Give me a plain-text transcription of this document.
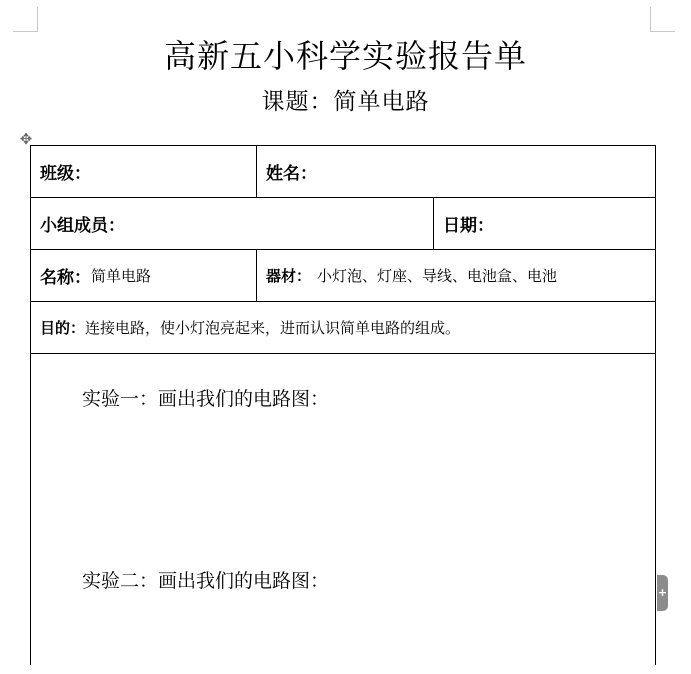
高新五小科学实验报告单
课题：简单电路
✥
班级：	姓名：
小组成员：	日期：
名称： 简单电路	器材： 小灯泡、灯座、导线、电池盒、电池
目的： 连接电路，使小灯泡亮起来，进而认识简单电路的组成。
实验一：画出我们的电路图：
实验二：画出我们的电路图：
+
